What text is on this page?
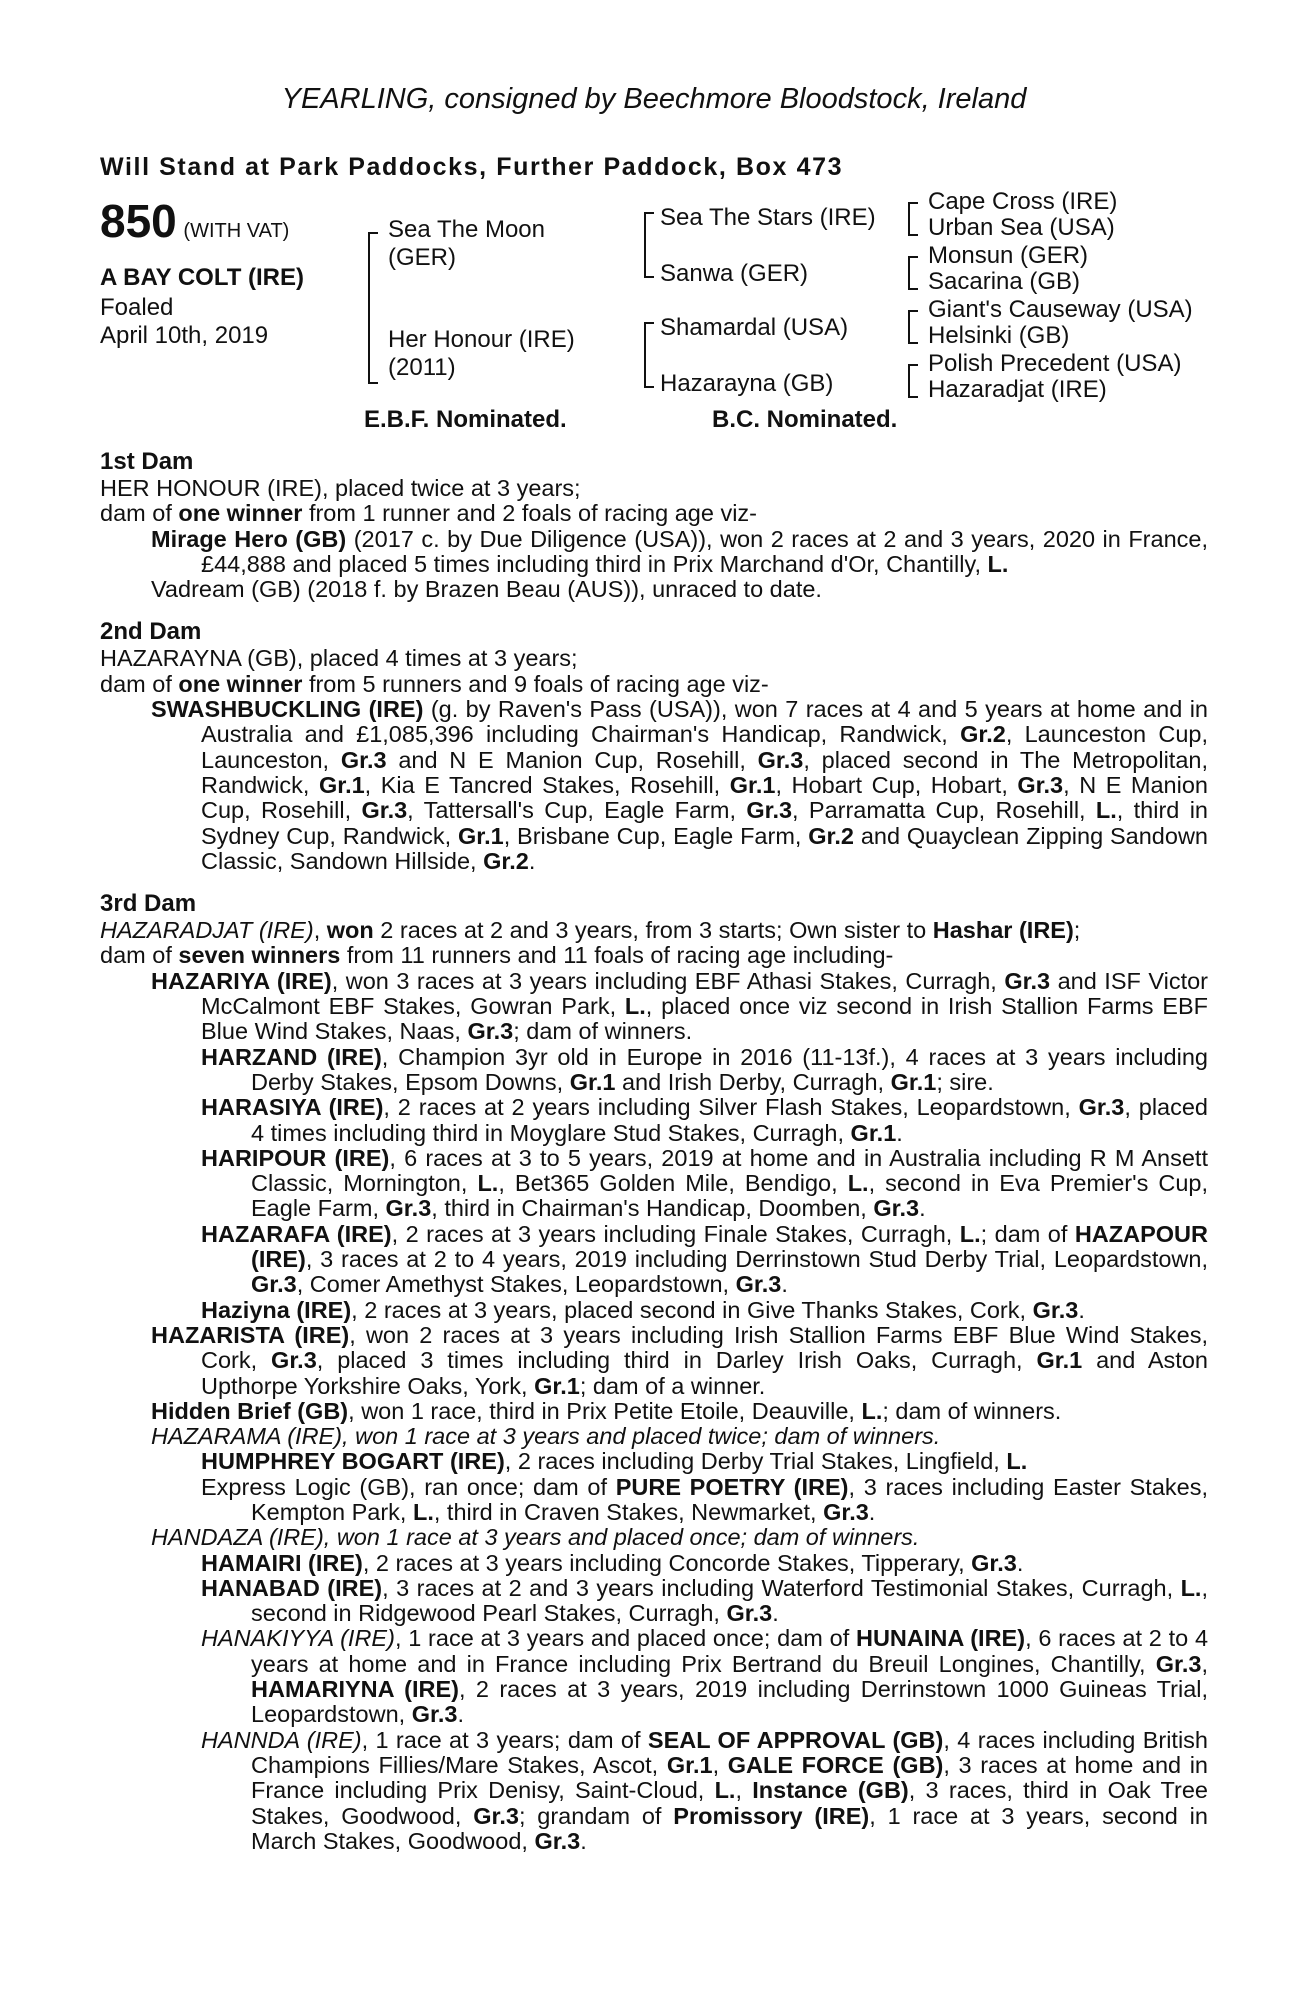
YEARLING, consigned by Beechmore Bloodstock, Ireland

Will Stand at Park Paddocks, Further Paddock, Box 473
850 (WITH VAT)
A BAY COLT (IRE)
Foaled
April 10th, 2019
Sea The Moon
(GER)
Her Honour (IRE)
(2011)
Sea The Stars (IRE)
Sanwa (GER)
Shamardal (USA)
Hazarayna (GB)
Cape Cross (IRE)
Urban Sea (USA)
Monsun (GER)
Sacarina (GB)
Giant's Causeway (USA)
Helsinki (GB)
Polish Precedent (USA)
Hazaradjat (IRE)
E.B.F. Nominated.	B.C. Nominated.
1st Dam

HER HONOUR (IRE), placed twice at 3 years;

dam of one winner from 1 runner and 2 foals of racing age viz-

Mirage Hero (GB) (2017 c. by Due Diligence (USA)), won 2 races at 2 and 3 years, 2020 in France, £44,888 and placed 5 times including third in Prix Marchand d'Or, Chantilly, L.

Vadream (GB) (2018 f. by Brazen Beau (AUS)), unraced to date.

2nd Dam

HAZARAYNA (GB), placed 4 times at 3 years;

dam of one winner from 5 runners and 9 foals of racing age viz-

SWASHBUCKLING (IRE) (g. by Raven's Pass (USA)), won 7 races at 4 and 5 years at home and in Australia and £1,085,396 including Chairman's Handicap, Randwick, Gr.2, Launceston Cup, Launceston, Gr.3 and N E Manion Cup, Rosehill, Gr.3, placed second in The Metropolitan, Randwick, Gr.1, Kia E Tancred Stakes, Rosehill, Gr.1, Hobart Cup, Hobart, Gr.3, N E Manion Cup, Rosehill, Gr.3, Tattersall's Cup, Eagle Farm, Gr.3, Parramatta Cup, Rosehill, L., third in Sydney Cup, Randwick, Gr.1, Brisbane Cup, Eagle Farm, Gr.2 and Quayclean Zipping Sandown Classic, Sandown Hillside, Gr.2.

3rd Dam

HAZARADJAT (IRE), won 2 races at 2 and 3 years, from 3 starts; Own sister to Hashar (IRE);

dam of seven winners from 11 runners and 11 foals of racing age including-

HAZARIYA (IRE), won 3 races at 3 years including EBF Athasi Stakes, Curragh, Gr.3 and ISF Victor McCalmont EBF Stakes, Gowran Park, L., placed once viz second in Irish Stallion Farms EBF Blue Wind Stakes, Naas, Gr.3; dam of winners.

HARZAND (IRE), Champion 3yr old in Europe in 2016 (11-13f.), 4 races at 3 years including Derby Stakes, Epsom Downs, Gr.1 and Irish Derby, Curragh, Gr.1; sire.

HARASIYA (IRE), 2 races at 2 years including Silver Flash Stakes, Leopardstown, Gr.3, placed 4 times including third in Moyglare Stud Stakes, Curragh, Gr.1.

HARIPOUR (IRE), 6 races at 3 to 5 years, 2019 at home and in Australia including R M Ansett Classic, Mornington, L., Bet365 Golden Mile, Bendigo, L., second in Eva Premier's Cup, Eagle Farm, Gr.3, third in Chairman's Handicap, Doomben, Gr.3.

HAZARAFA (IRE), 2 races at 3 years including Finale Stakes, Curragh, L.; dam of HAZAPOUR (IRE), 3 races at 2 to 4 years, 2019 including Derrinstown Stud Derby Trial, Leopardstown, Gr.3, Comer Amethyst Stakes, Leopardstown, Gr.3.

Haziyna (IRE), 2 races at 3 years, placed second in Give Thanks Stakes, Cork, Gr.3.

HAZARISTA (IRE), won 2 races at 3 years including Irish Stallion Farms EBF Blue Wind Stakes, Cork, Gr.3, placed 3 times including third in Darley Irish Oaks, Curragh, Gr.1 and Aston Upthorpe Yorkshire Oaks, York, Gr.1; dam of a winner.

Hidden Brief (GB), won 1 race, third in Prix Petite Etoile, Deauville, L.; dam of winners.

HAZARAMA (IRE), won 1 race at 3 years and placed twice; dam of winners.

HUMPHREY BOGART (IRE), 2 races including Derby Trial Stakes, Lingfield, L.

Express Logic (GB), ran once; dam of PURE POETRY (IRE), 3 races including Easter Stakes, Kempton Park, L., third in Craven Stakes, Newmarket, Gr.3.

HANDAZA (IRE), won 1 race at 3 years and placed once; dam of winners.

HAMAIRI (IRE), 2 races at 3 years including Concorde Stakes, Tipperary, Gr.3.

HANABAD (IRE), 3 races at 2 and 3 years including Waterford Testimonial Stakes, Curragh, L., second in Ridgewood Pearl Stakes, Curragh, Gr.3.

HANAKIYYA (IRE), 1 race at 3 years and placed once; dam of HUNAINA (IRE), 6 races at 2 to 4 years at home and in France including Prix Bertrand du Breuil Longines, Chantilly, Gr.3, HAMARIYNA (IRE), 2 races at 3 years, 2019 including Derrinstown 1000 Guineas Trial, Leopardstown, Gr.3.

HANNDA (IRE), 1 race at 3 years; dam of SEAL OF APPROVAL (GB), 4 races including British Champions Fillies/Mare Stakes, Ascot, Gr.1, GALE FORCE (GB), 3 races at home and in France including Prix Denisy, Saint-Cloud, L., Instance (GB), 3 races, third in Oak Tree Stakes, Goodwood, Gr.3; grandam of Promissory (IRE), 1 race at 3 years, second in March Stakes, Goodwood, Gr.3.
